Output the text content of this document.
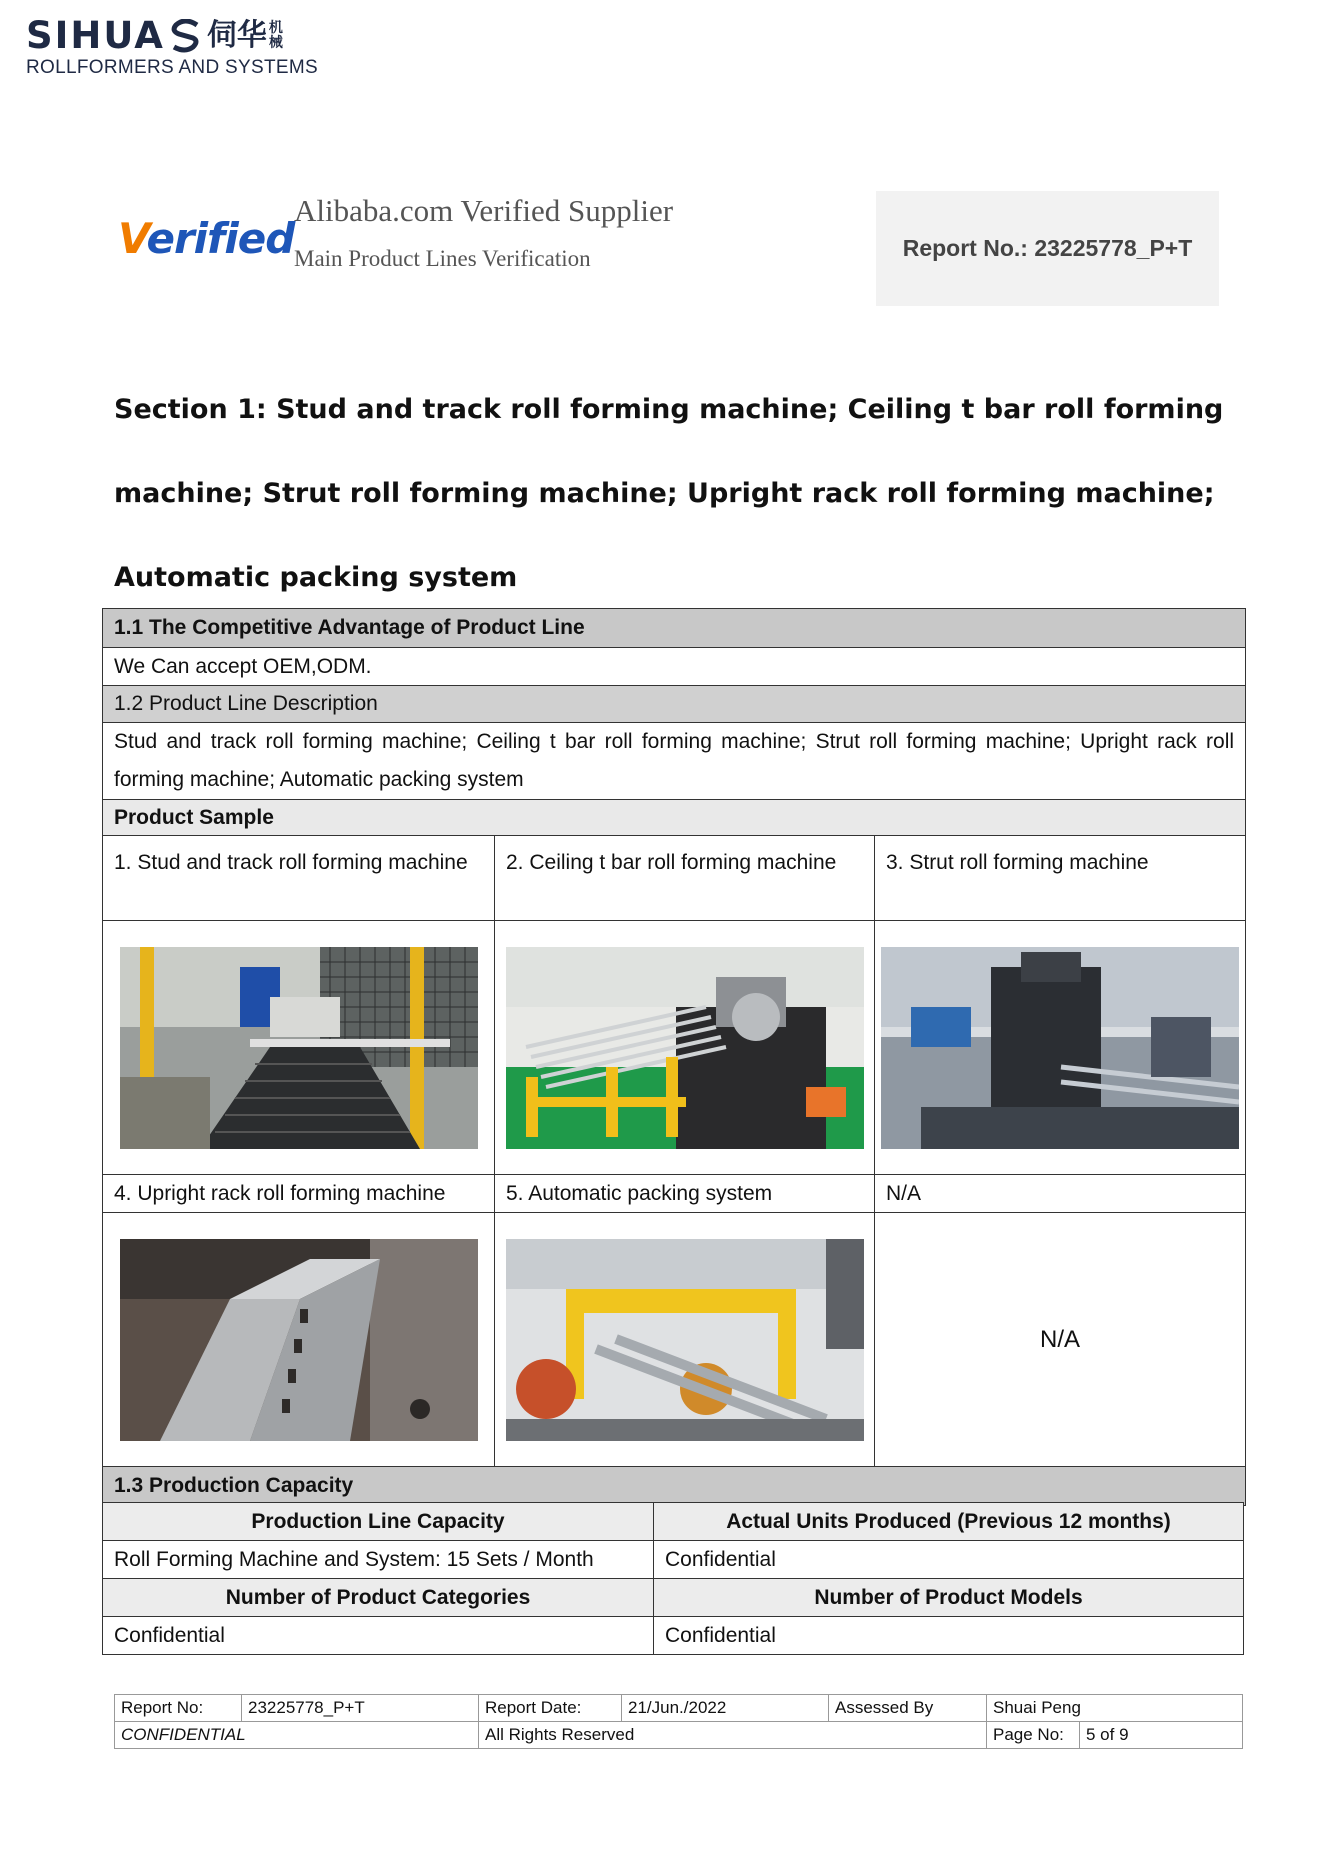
SIHUA 伺华 机械
ROLLFORMERS AND SYSTEMS
Verified
Alibaba.com Verified Supplier
Main Product Lines Verification	Report No.: 23225778_P+T
Section 1: Stud and track roll forming machine; Ceiling t bar roll forming machine; Strut roll forming machine; Upright rack roll forming machine; Automatic packing system
1.1 The Competitive Advantage of Product Line		
We Can accept OEM,ODM.		
1.2 Product Line Description		
Stud and track roll forming machine; Ceiling t bar roll forming machine; Strut roll forming machine; Upright rack roll forming machine; Automatic packing system		
Product Sample		
1. Stud and track roll forming machine	2. Ceiling t bar roll forming machine	3. Strut roll forming machine

4. Upright rack roll forming machine	5. Automatic packing system	N/A

	N/A
1.3 Production Capacity		
Production Line Capacity	Actual Units Produced (Previous 12 months)
Roll Forming Machine and System: 15 Sets / Month	Confidential
Number of Product Categories	Number of Product Models
Confidential	Confidential
Report No:	23225778_P+T	Report Date:	21/Jun./2022	Assessed By	Shuai Peng	
CONFIDENTIAL		All Rights Reserved			Page No:	5 of 9
